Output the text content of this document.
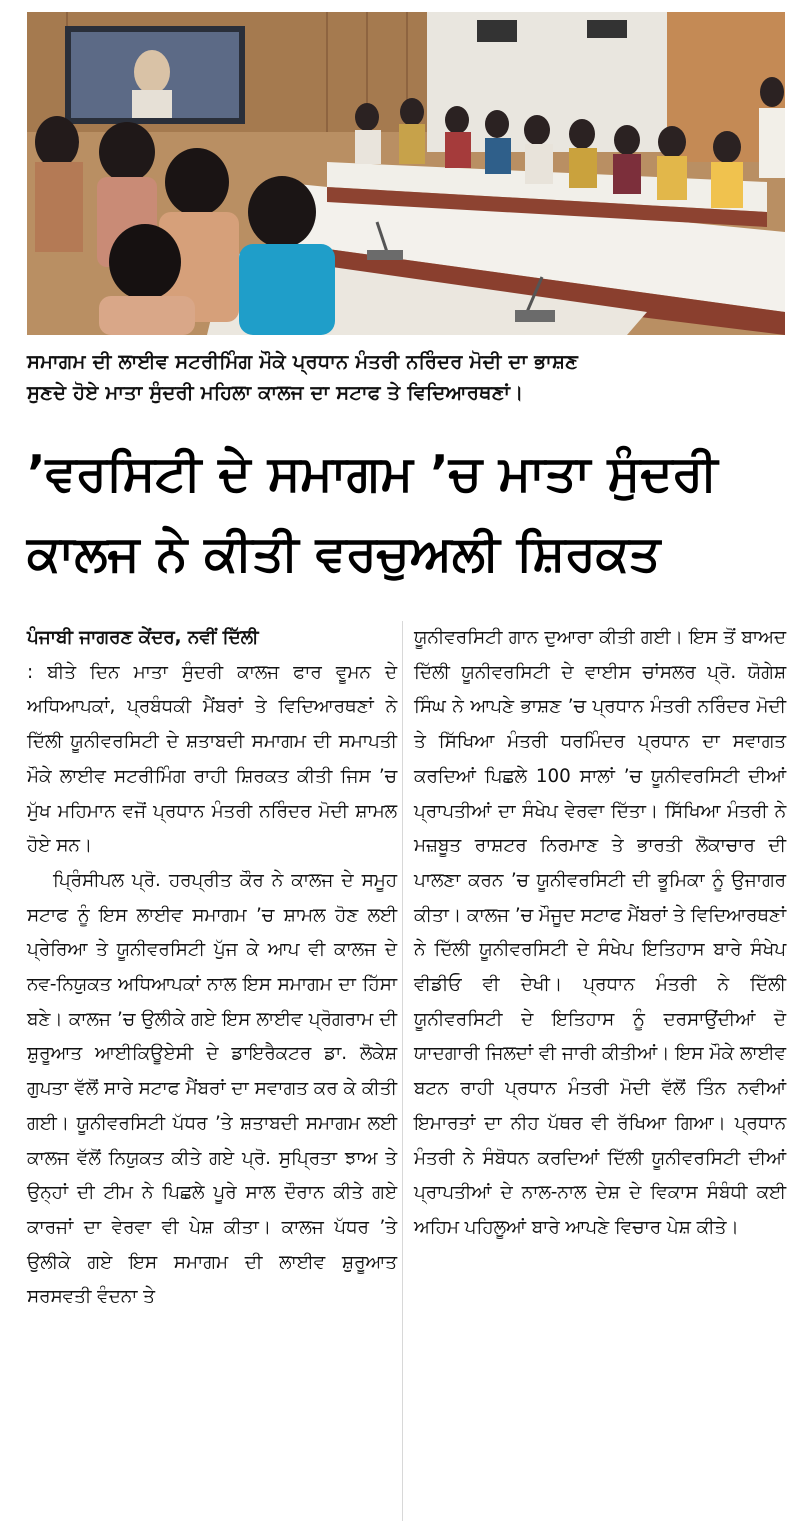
ਸਮਾਗਮ ਦੀ ਲਾਈਵ ਸਟਰੀਮਿੰਗ ਮੌਕੇ ਪ੍ਰਧਾਨ ਮੰਤਰੀ ਨਰਿੰਦਰ ਮੋਦੀ ਦਾ ਭਾਸ਼ਣ
ਸੁਣਦੇ ਹੋਏ ਮਾਤਾ ਸੁੰਦਰੀ ਮਹਿਲਾ ਕਾਲਜ ਦਾ ਸਟਾਫ ਤੇ ਵਿਦਿਆਰਥਣਾਂ।
’ਵਰਸਿਟੀ ਦੇ ਸਮਾਗਮ ’ਚ ਮਾਤਾ ਸੁੰਦਰੀ
ਕਾਲਜ ਨੇ ਕੀਤੀ ਵਰਚੁਅਲੀ ਸ਼ਿਰਕਤ

ਪੰਜਾਬੀ ਜਾਗਰਣ ਕੇਂਦਰ, ਨਵੀਂ ਦਿੱਲੀ

: ਬੀਤੇ ਦਿਨ ਮਾਤਾ ਸੁੰਦਰੀ ਕਾਲਜ ਫਾਰ ਵੂਮਨ ਦੇ ਅਧਿਆਪਕਾਂ, ਪ੍ਰਬੰਧਕੀ ਮੈਂਬਰਾਂ ਤੇ ਵਿਦਿਆਰਥਣਾਂ ਨੇ ਦਿੱਲੀ ਯੂਨੀਵਰਸਿਟੀ ਦੇ ਸ਼ਤਾਬਦੀ ਸਮਾਗਮ ਦੀ ਸਮਾਪਤੀ ਮੌਕੇ ਲਾਈਵ ਸਟਰੀਮਿੰਗ ਰਾਹੀ ਸ਼ਿਰਕਤ ਕੀਤੀ ਜਿਸ ’ਚ ਮੁੱਖ ਮਹਿਮਾਨ ਵਜੋਂ ਪ੍ਰਧਾਨ ਮੰਤਰੀ ਨਰਿੰਦਰ ਮੋਦੀ ਸ਼ਾਮਲ ਹੋਏ ਸਨ।

ਪ੍ਰਿੰਸੀਪਲ ਪ੍ਰੋ. ਹਰਪ੍ਰੀਤ ਕੌਰ ਨੇ ਕਾਲਜ ਦੇ ਸਮੂਹ ਸਟਾਫ ਨੂੰ ਇਸ ਲਾਈਵ ਸਮਾਗਮ ’ਚ ਸ਼ਾਮਲ ਹੋਣ ਲਈ ਪ੍ਰੇਰਿਆ ਤੇ ਯੂਨੀਵਰਸਿਟੀ ਪੁੱਜ ਕੇ ਆਪ ਵੀ ਕਾਲਜ ਦੇ ਨਵ-ਨਿਯੁਕਤ ਅਧਿਆਪਕਾਂ ਨਾਲ ਇਸ ਸਮਾਗਮ ਦਾ ਹਿੱਸਾ ਬਣੇ। ਕਾਲਜ ’ਚ ਉਲੀਕੇ ਗਏ ਇਸ ਲਾਈਵ ਪ੍ਰੋਗਰਾਮ ਦੀ ਸ਼ੁਰੂਆਤ ਆਈਕਿਊਏਸੀ ਦੇ ਡਾਇਰੈਕਟਰ ਡਾ. ਲੋਕੇਸ਼ ਗੁਪਤਾ ਵੱਲੋਂ ਸਾਰੇ ਸਟਾਫ ਮੈਂਬਰਾਂ ਦਾ ਸਵਾਗਤ ਕਰ ਕੇ ਕੀਤੀ ਗਈ। ਯੂਨੀਵਰਸਿਟੀ ਪੱਧਰ ’ਤੇ ਸ਼ਤਾਬਦੀ ਸਮਾਗਮ ਲਈ ਕਾਲਜ ਵੱਲੋਂ ਨਿਯੁਕਤ ਕੀਤੇ ਗਏ ਪ੍ਰੋ. ਸੁਪ੍ਰਿਤਾ ਝਾਅ ਤੇ ਉਨ੍ਹਾਂ ਦੀ ਟੀਮ ਨੇ ਪਿਛਲੇ ਪੂਰੇ ਸਾਲ ਦੌਰਾਨ ਕੀਤੇ ਗਏ ਕਾਰਜਾਂ ਦਾ ਵੇਰਵਾ ਵੀ ਪੇਸ਼ ਕੀਤਾ। ਕਾਲਜ ਪੱਧਰ ’ਤੇ ਉਲੀਕੇ ਗਏ ਇਸ ਸਮਾਗਮ ਦੀ ਲਾਈਵ ਸ਼ੁਰੂਆਤ ਸਰਸਵਤੀ ਵੰਦਨਾ ਤੇ

ਯੂਨੀਵਰਸਿਟੀ ਗਾਨ ਦੁਆਰਾ ਕੀਤੀ ਗਈ। ਇਸ ਤੋਂ ਬਾਅਦ ਦਿੱਲੀ ਯੂਨੀਵਰਸਿਟੀ ਦੇ ਵਾਈਸ ਚਾਂਸਲਰ ਪ੍ਰੋ. ਯੋਗੇਸ਼ ਸਿੰਘ ਨੇ ਆਪਣੇ ਭਾਸ਼ਣ ’ਚ ਪ੍ਰਧਾਨ ਮੰਤਰੀ ਨਰਿੰਦਰ ਮੋਦੀ ਤੇ ਸਿੱਖਿਆ ਮੰਤਰੀ ਧਰਮਿੰਦਰ ਪ੍ਰਧਾਨ ਦਾ ਸਵਾਗਤ ਕਰਦਿਆਂ ਪਿਛਲੇ 100 ਸਾਲਾਂ ’ਚ ਯੂਨੀਵਰਸਿਟੀ ਦੀਆਂ ਪ੍ਰਾਪਤੀਆਂ ਦਾ ਸੰਖੇਪ ਵੇਰਵਾ ਦਿੱਤਾ। ਸਿੱਖਿਆ ਮੰਤਰੀ ਨੇ ਮਜ਼ਬੂਤ ਰਾਸ਼ਟਰ ਨਿਰਮਾਣ ਤੇ ਭਾਰਤੀ ਲੋਕਾਚਾਰ ਦੀ ਪਾਲਣਾ ਕਰਨ ’ਚ ਯੂਨੀਵਰਸਿਟੀ ਦੀ ਭੂਮਿਕਾ ਨੂੰ ਉਜਾਗਰ ਕੀਤਾ। ਕਾਲਜ ’ਚ ਮੌਜੂਦ ਸਟਾਫ ਮੈਂਬਰਾਂ ਤੇ ਵਿਦਿਆਰਥਣਾਂ ਨੇ ਦਿੱਲੀ ਯੂਨੀਵਰਸਿਟੀ ਦੇ ਸੰਖੇਪ ਇਤਿਹਾਸ ਬਾਰੇ ਸੰਖੇਪ ਵੀਡੀਓ ਵੀ ਦੇਖੀ। ਪ੍ਰਧਾਨ ਮੰਤਰੀ ਨੇ ਦਿੱਲੀ ਯੂਨੀਵਰਸਿਟੀ ਦੇ ਇਤਿਹਾਸ ਨੂੰ ਦਰਸਾਉਂਦੀਆਂ ਦੋ ਯਾਦਗਾਰੀ ਜਿਲਦਾਂ ਵੀ ਜਾਰੀ ਕੀਤੀਆਂ। ਇਸ ਮੌਕੇ ਲਾਈਵ ਬਟਨ ਰਾਹੀ ਪ੍ਰਧਾਨ ਮੰਤਰੀ ਮੋਦੀ ਵੱਲੋਂ ਤਿੰਨ ਨਵੀਆਂ ਇਮਾਰਤਾਂ ਦਾ ਨੀਹ ਪੱਥਰ ਵੀ ਰੱਖਿਆ ਗਿਆ। ਪ੍ਰਧਾਨ ਮੰਤਰੀ ਨੇ ਸੰਬੋਧਨ ਕਰਦਿਆਂ ਦਿੱਲੀ ਯੂਨੀਵਰਸਿਟੀ ਦੀਆਂ ਪ੍ਰਾਪਤੀਆਂ ਦੇ ਨਾਲ-ਨਾਲ ਦੇਸ਼ ਦੇ ਵਿਕਾਸ ਸੰਬੰਧੀ ਕਈ ਅਹਿਮ ਪਹਿਲੂਆਂ ਬਾਰੇ ਆਪਣੇ ਵਿਚਾਰ ਪੇਸ਼ ਕੀਤੇ।
